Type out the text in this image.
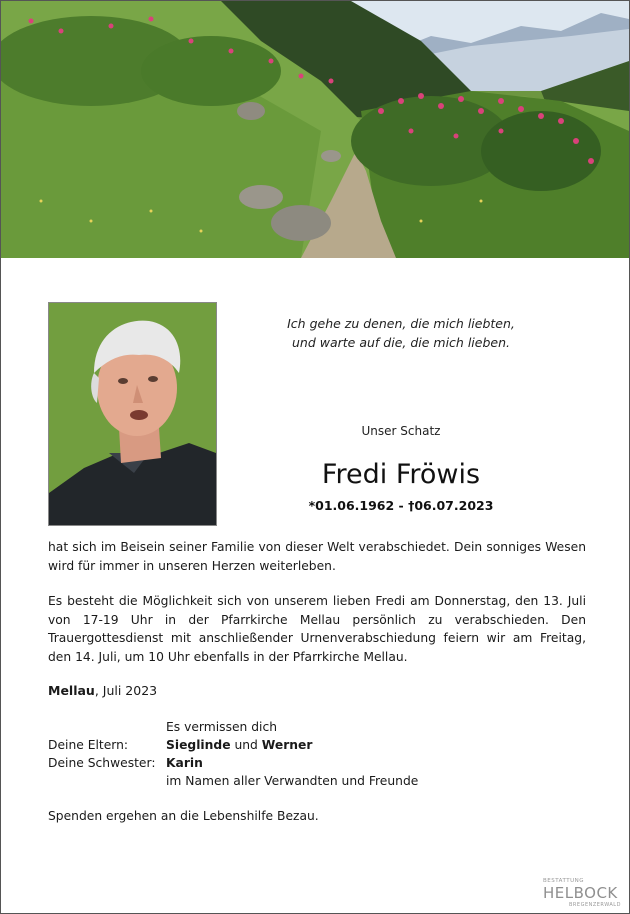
Ich gehe zu denen, die mich liebten,
und warte auf die, die mich lieben.
Unser Schatz
Fredi Fröwis
*01.06.1962 - †06.07.2023
hat sich im Beisein seiner Familie von dieser Welt verabschiedet. Dein sonniges Wesen wird für immer in unseren Herzen weiterleben.
Es besteht die Möglichkeit sich von unserem lieben Fredi am Donnerstag, den 13. Juli von 17-19 Uhr in der Pfarrkirche Mellau persönlich zu verabschieden. Den Trauergottesdienst mit anschließender Urnenverabschiedung feiern wir am Freitag, den 14. Juli, um 10 Uhr ebenfalls in der Pfarrkirche Mellau.
Mellau, Juli 2023
Es vermissen dich
Deine Eltern:	Sieglinde und Werner
Deine Schwester: Karin
im Namen aller Verwandten und Freunde
Spenden ergehen an die Lebenshilfe Bezau.
BESTATTUNG
HELBOCK
BREGENZERWALD
